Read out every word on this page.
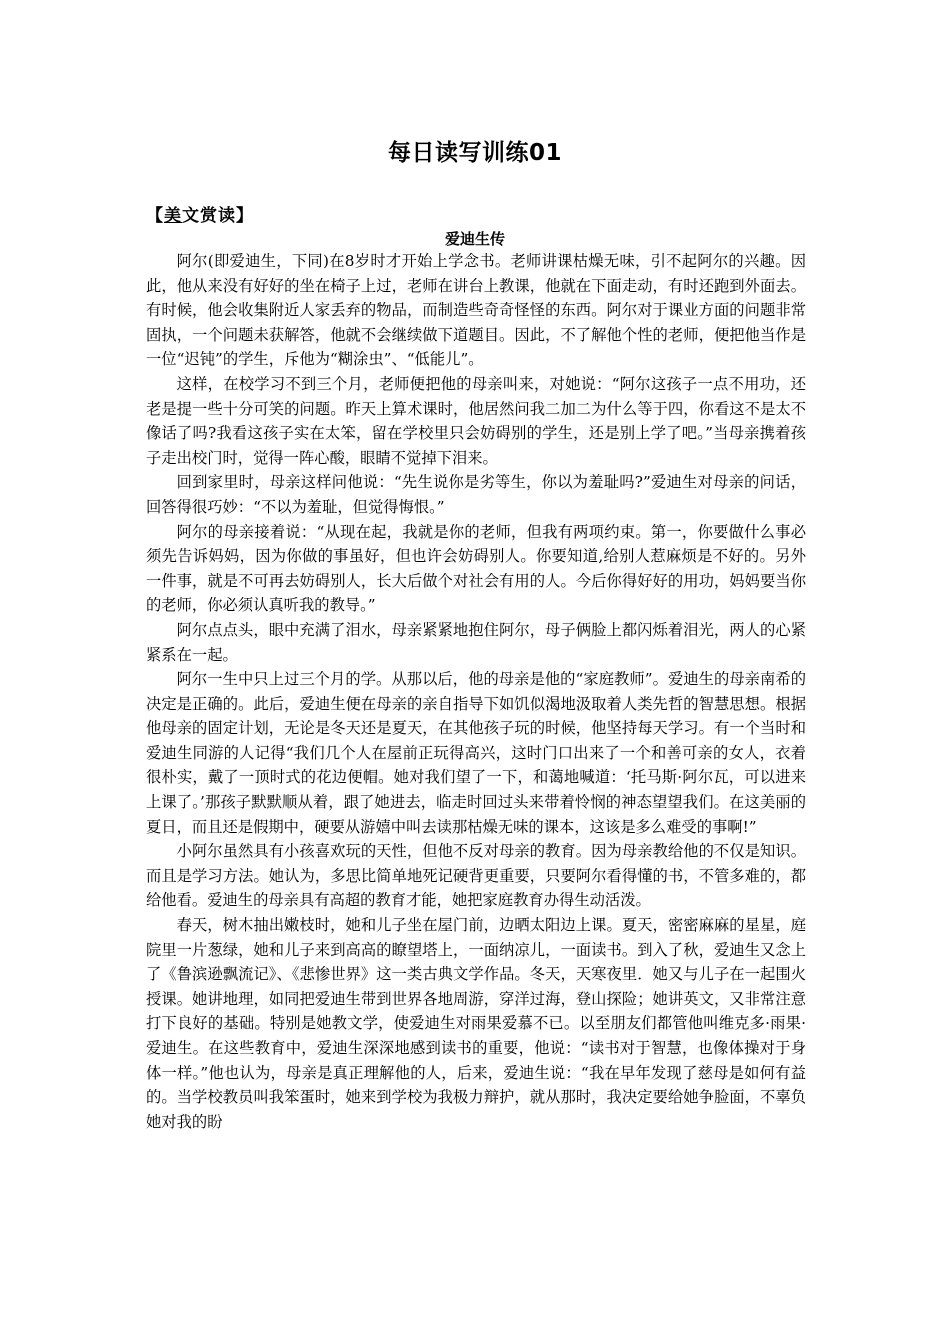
每日读写训练01
【美文赏读】
爱迪生传

阿尔(即爱迪生，下同)在8岁时才开始上学念书。老师讲课枯燥无味，引不起阿尔的兴趣。因此，他从来没有好好的坐在椅子上过，老师在讲台上教课，他就在下面走动，有时还跑到外面去。有时候，他会收集附近人家丢弃的物品，而制造些奇奇怪怪的东西。阿尔对于课业方面的问题非常固执，一个问题未获解答，他就不会继续做下道题目。因此，不了解他个性的老师，便把他当作是一位“迟钝”的学生，斥他为“糊涂虫”、“低能儿”。

这样，在校学习不到三个月，老师便把他的母亲叫来，对她说：“阿尔这孩子一点不用功，还老是提一些十分可笑的问题。昨天上算术课时，他居然问我二加二为什么等于四，你看这不是太不像话了吗?我看这孩子实在太笨，留在学校里只会妨碍别的学生，还是别上学了吧。”当母亲携着孩子走出校门时，觉得一阵心酸，眼睛不觉掉下泪来。

回到家里时，母亲这样问他说：“先生说你是劣等生，你以为羞耻吗?”爱迪生对母亲的问话，回答得很巧妙：“不以为羞耻，但觉得悔恨。”

阿尔的母亲接着说：“从现在起，我就是你的老师，但我有两项约束。第一，你要做什么事必须先告诉妈妈，因为你做的事虽好，但也许会妨碍别人。你要知道,给别人惹麻烦是不好的。另外一件事，就是不可再去妨碍别人，长大后做个对社会有用的人。今后你得好好的用功，妈妈要当你的老师，你必须认真听我的教导。”

阿尔点点头，眼中充满了泪水，母亲紧紧地抱住阿尔，母子俩脸上都闪烁着泪光，两人的心紧紧系在一起。

阿尔一生中只上过三个月的学。从那以后，他的母亲是他的“家庭教师”。爱迪生的母亲南希的决定是正确的。此后，爱迪生便在母亲的亲自指导下如饥似渴地汲取着人类先哲的智慧思想。根据他母亲的固定计划，无论是冬天还是夏天，在其他孩子玩的时候，他坚持每天学习。有一个当时和爱迪生同游的人记得“我们几个人在屋前正玩得高兴，这时门口出来了一个和善可亲的女人，衣着很朴实，戴了一顶时式的花边便帽。她对我们望了一下，和蔼地喊道：‘托马斯·阿尔瓦，可以进来上课了。’那孩子默默顺从着，跟了她进去，临走时回过头来带着怜悯的神态望望我们。在这美丽的夏日，而且还是假期中，硬要从游嬉中叫去读那枯燥无味的课本，这该是多么难受的事啊!”

小阿尔虽然具有小孩喜欢玩的天性，但他不反对母亲的教育。因为母亲教给他的不仅是知识。而且是学习方法。她认为，多思比简单地死记硬背更重要，只要阿尔看得懂的书，不管多难的，都给他看。爱迪生的母亲具有高超的教育才能，她把家庭教育办得生动活泼。

春天，树木抽出嫩枝时，她和儿子坐在屋门前，边晒太阳边上课。夏天，密密麻麻的星星，庭院里一片葱绿，她和儿子来到高高的瞭望塔上，一面纳凉儿，一面读书。到入了秋，爱迪生又念上了《鲁滨逊飘流记》、《悲惨世界》这一类古典文学作品。冬天，天寒夜里．她又与儿子在一起围火授课。她讲地理，如同把爱迪生带到世界各地周游，穿洋过海，登山探险；她讲英文，又非常注意打下良好的基础。特别是她教文学，使爱迪生对雨果爱慕不已。以至朋友们都管他叫维克多·雨果·爱迪生。在这些教育中，爱迪生深深地感到读书的重要，他说：“读书对于智慧，也像体操对于身体一样。”他也认为，母亲是真正理解他的人，后来，爱迪生说：“我在早年发现了慈母是如何有益的。当学校教员叫我笨蛋时，她来到学校为我极力辩护，就从那时，我决定要给她争脸面，不辜负她对我的盼
